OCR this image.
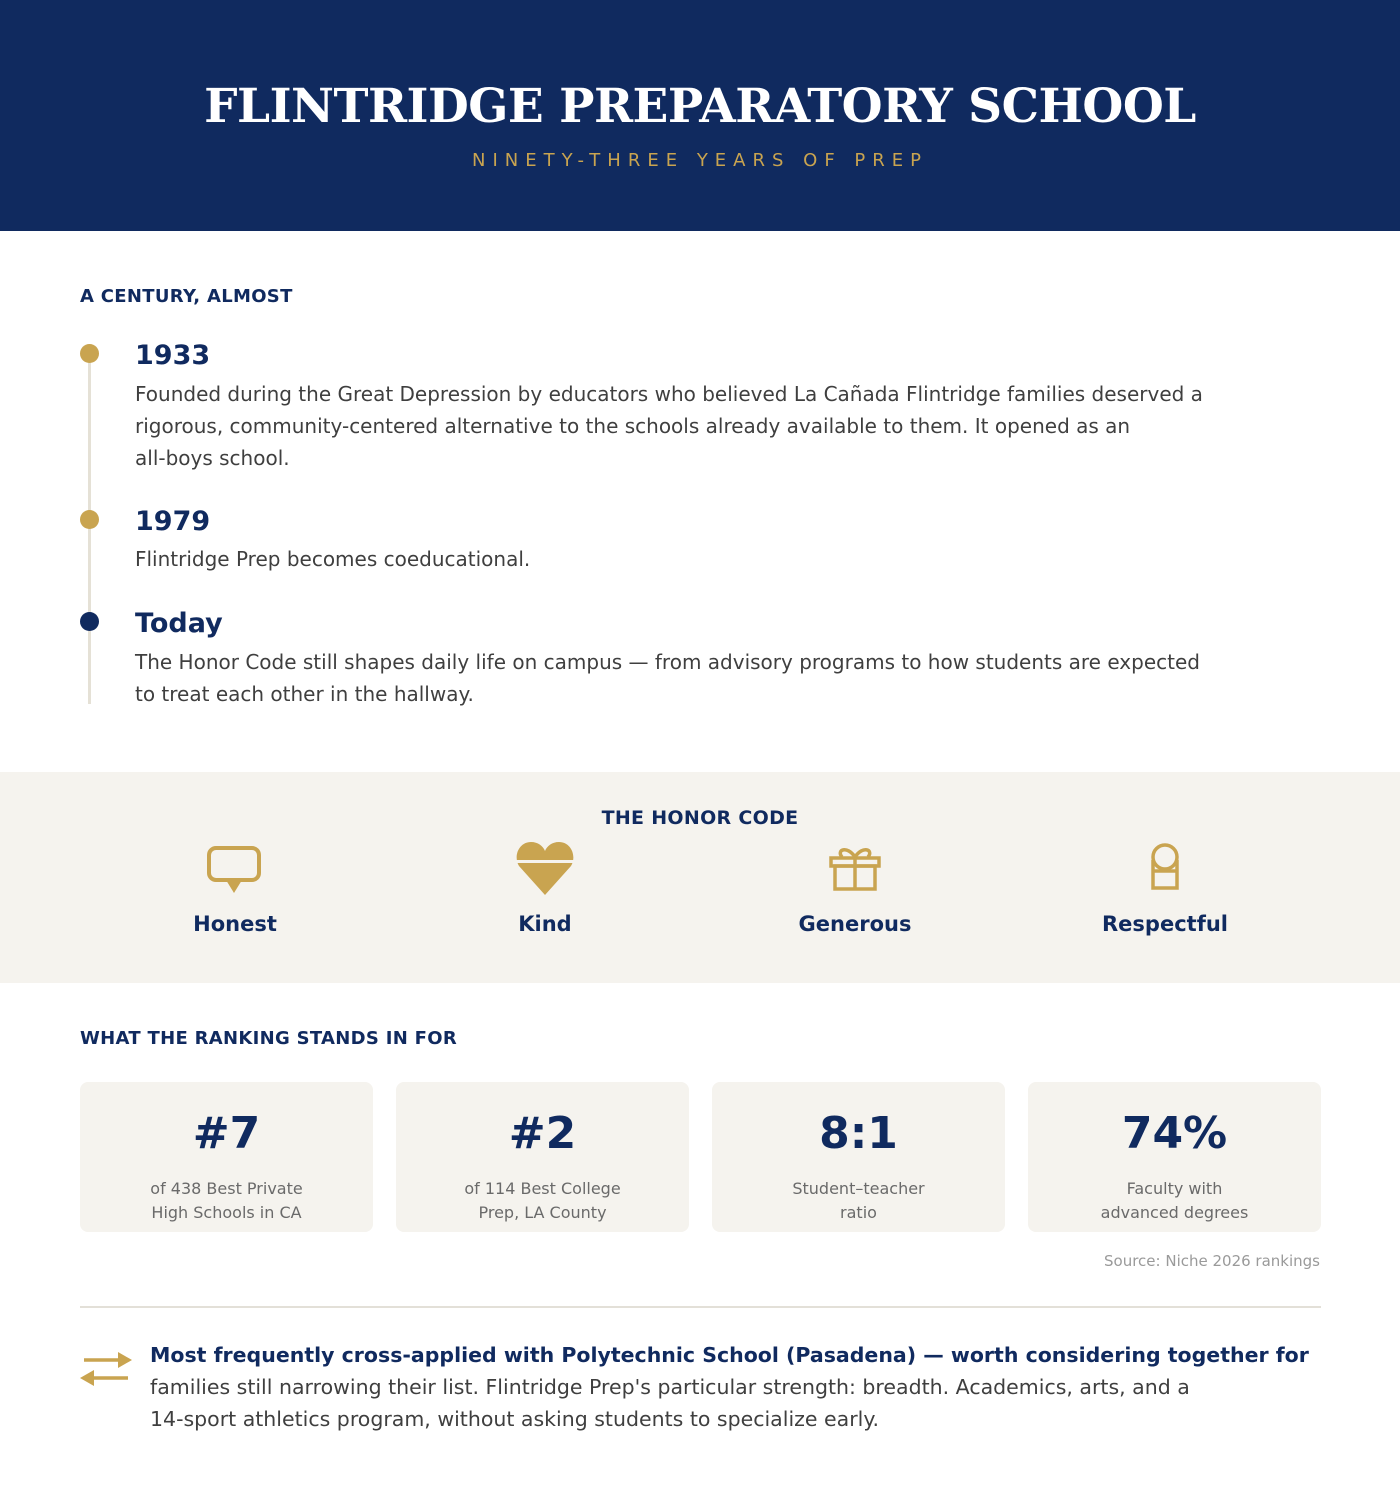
FLINTRIDGE PREPARATORY SCHOOL
NINETY-THREE YEARS OF PREP
A CENTURY, ALMOST
1933
Founded during the Great Depression by educators who believed La Cañada Flintridge families deserved a
rigorous, community-centered alternative to the schools already available to them. It opened as an
all-boys school.
1979
Flintridge Prep becomes coeducational.
Today
The Honor Code still shapes daily life on campus — from advisory programs to how students are expected
to treat each other in the hallway.
THE HONOR CODE
Honest	Kind	Generous	Respectful
WHAT THE RANKING STANDS IN FOR
#7
of 438 Best Private
High Schools in CA
#2
of 114 Best College
Prep, LA County
8:1
Student–teacher
ratio
74%
Faculty with
advanced degrees
Source: Niche 2026 rankings
Most frequently cross-applied with Polytechnic School (Pasadena) — worth considering together for
families still narrowing their list. Flintridge Prep's particular strength: breadth. Academics, arts, and a
14-sport athletics program, without asking students to specialize early.
